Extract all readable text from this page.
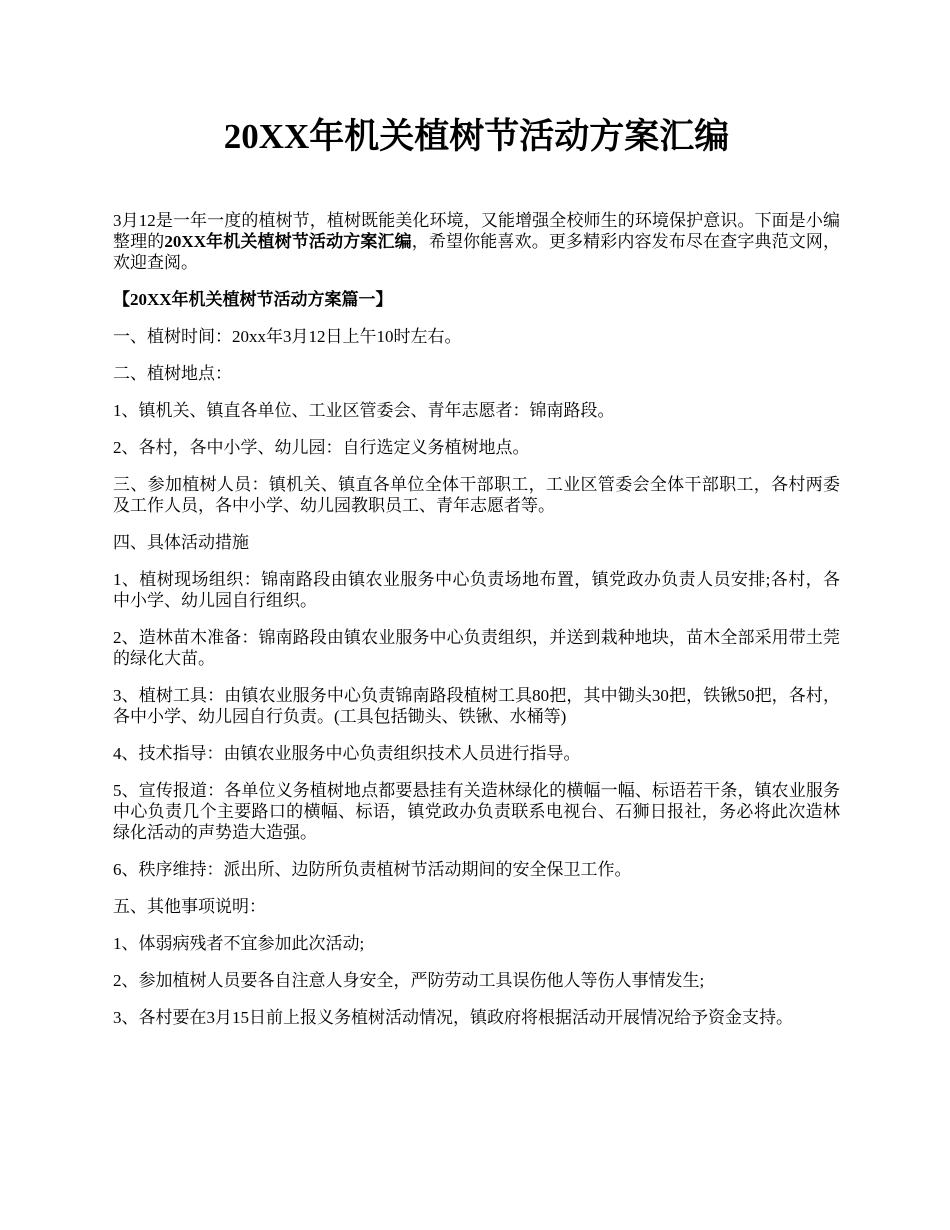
20XX年机关植树节活动方案汇编

3月12是一年一度的植树节，植树既能美化环境，又能增强全校师生的环境保护意识。下面是小编整理的20XX年机关植树节活动方案汇编，希望你能喜欢。更多精彩内容发布尽在查字典范文网，欢迎查阅。

【20XX年机关植树节活动方案篇一】

一、植树时间：20xx年3月12日上午10时左右。

二、植树地点：

1、镇机关、镇直各单位、工业区管委会、青年志愿者：锦南路段。

2、各村，各中小学、幼儿园：自行选定义务植树地点。

三、参加植树人员：镇机关、镇直各单位全体干部职工，工业区管委会全体干部职工，各村两委及工作人员，各中小学、幼儿园教职员工、青年志愿者等。

四、具体活动措施

1、植树现场组织：锦南路段由镇农业服务中心负责场地布置，镇党政办负责人员安排;各村，各中小学、幼儿园自行组织。

2、造林苗木准备：锦南路段由镇农业服务中心负责组织，并送到栽种地块，苗木全部采用带土莞的绿化大苗。

3、植树工具：由镇农业服务中心负责锦南路段植树工具80把，其中锄头30把，铁锹50把，各村，各中小学、幼儿园自行负责。(工具包括锄头、铁锹、水桶等)

4、技术指导：由镇农业服务中心负责组织技术人员进行指导。

5、宣传报道：各单位义务植树地点都要悬挂有关造林绿化的横幅一幅、标语若干条，镇农业服务中心负责几个主要路口的横幅、标语，镇党政办负责联系电视台、石狮日报社，务必将此次造林绿化活动的声势造大造强。

6、秩序维持：派出所、边防所负责植树节活动期间的安全保卫工作。

五、其他事项说明：

1、体弱病残者不宜参加此次活动;

2、参加植树人员要各自注意人身安全，严防劳动工具误伤他人等伤人事情发生;

3、各村要在3月15日前上报义务植树活动情况，镇政府将根据活动开展情况给予资金支持。
